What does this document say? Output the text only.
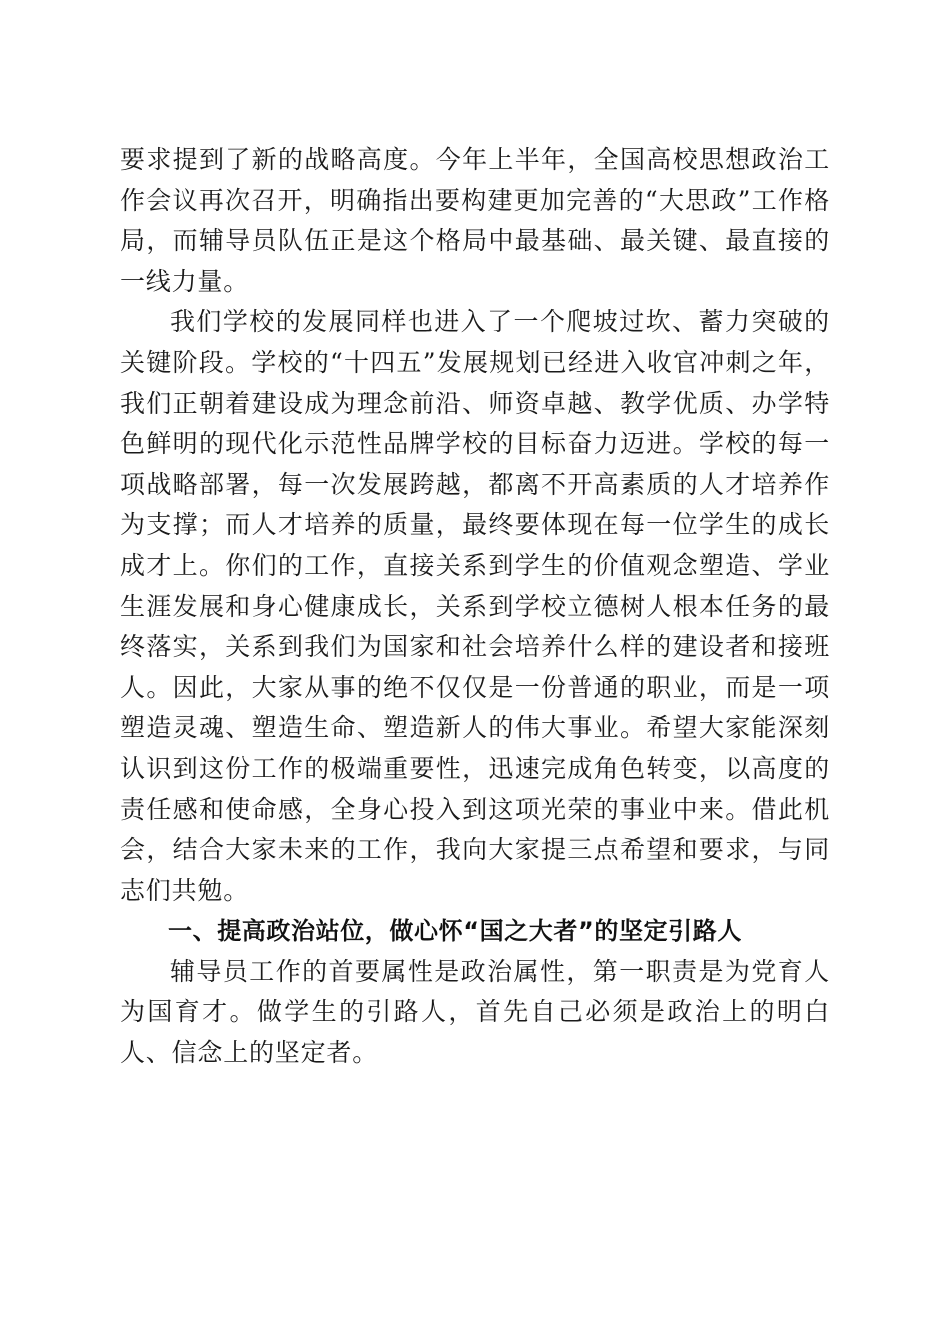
要求提到了新的战略高度。今年上半年，全国高校思想政治工作会议再次召开，明确指出要构建更加完善的“大思政”工作格局，而辅导员队伍正是这个格局中最基础、最关键、最直接的一线力量。

我们学校的发展同样也进入了一个爬坡过坎、蓄力突破的关键阶段。学校的“十四五”发展规划已经进入收官冲刺之年，我们正朝着建设成为理念前沿、师资卓越、教学优质、办学特色鲜明的现代化示范性品牌学校的目标奋力迈进。学校的每一项战略部署，每一次发展跨越，都离不开高素质的人才培养作为支撑；而人才培养的质量，最终要体现在每一位学生的成长成才上。你们的工作，直接关系到学生的价值观念塑造、学业生涯发展和身心健康成长，关系到学校立德树人根本任务的最终落实，关系到我们为国家和社会培养什么样的建设者和接班人。因此，大家从事的绝不仅仅是一份普通的职业，而是一项塑造灵魂、塑造生命、塑造新人的伟大事业。希望大家能深刻认识到这份工作的极端重要性，迅速完成角色转变，以高度的责任感和使命感，全身心投入到这项光荣的事业中来。借此机会，结合大家未来的工作，我向大家提三点希望和要求，与同志们共勉。

一、提高政治站位，做心怀“国之大者”的坚定引路人

辅导员工作的首要属性是政治属性，第一职责是为党育人为国育才。做学生的引路人，首先自己必须是政治上的明白人、信念上的坚定者。
